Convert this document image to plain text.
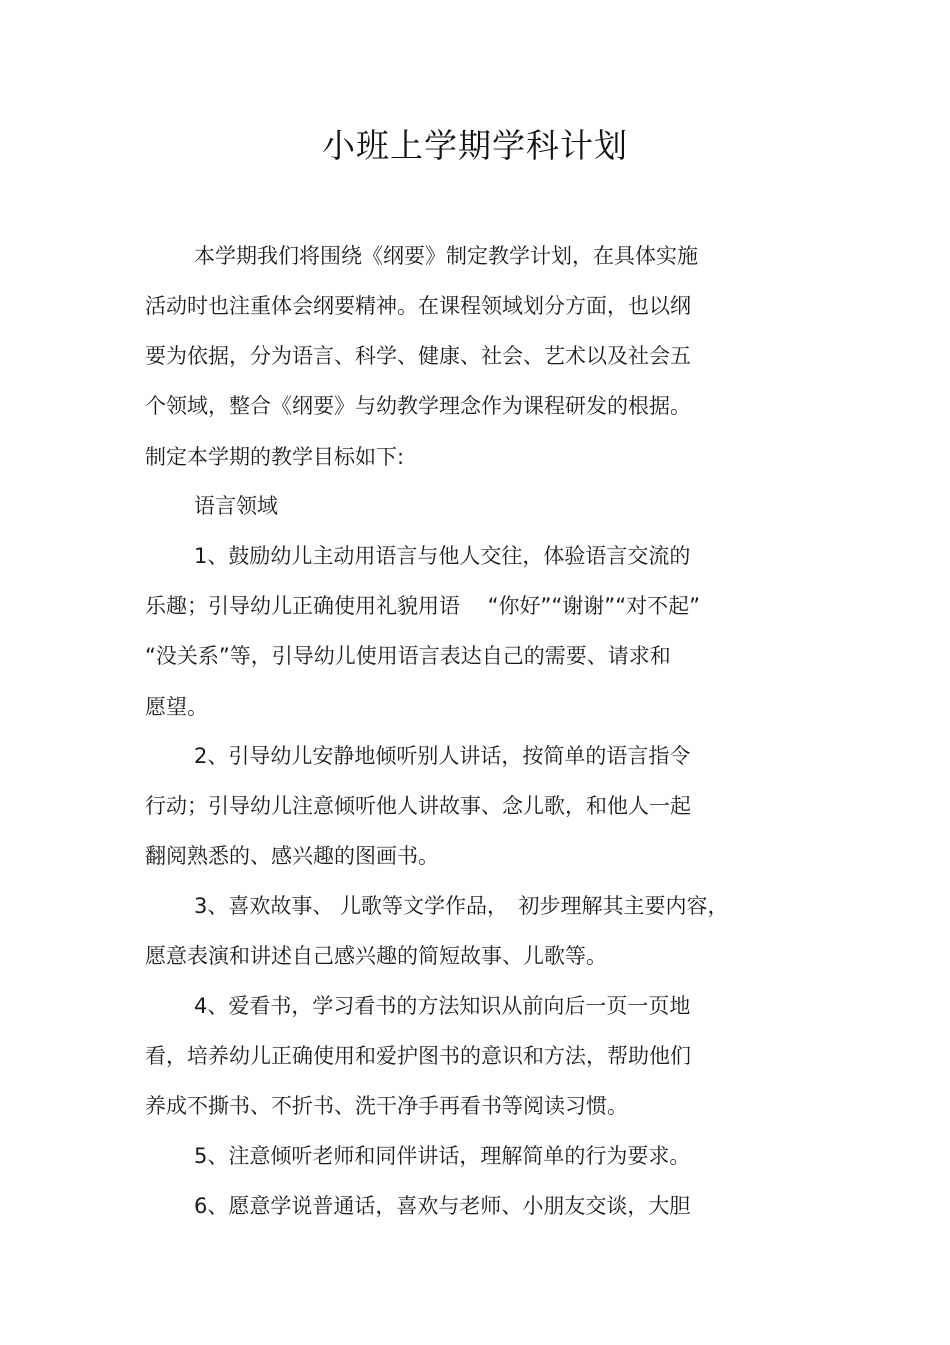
小班上学期学科计划
本学期我们将围绕《纲要》制定教学计划，在具体实施
活动时也注重体会纲要精神。在课程领域划分方面，也以纲
要为依据，分为语言、科学、健康、社会、艺术以及社会五
个领域，整合《纲要》与幼教学理念作为课程研发的根据。
制定本学期的教学目标如下:
语言领域
1、鼓励幼儿主动用语言与他人交往，体验语言交流的
乐趣；引导幼儿正确使用礼貌用语　 “你好”“谢谢”“对不起”
“没关系”等，引导幼儿使用语言表达自己的需要、请求和
愿望。
2、引导幼儿安静地倾听别人讲话，按简单的语言指令
行动；引导幼儿注意倾听他人讲故事、念儿歌，和他人一起
翻阅熟悉的、感兴趣的图画书。
3、喜欢故事、 儿歌等文学作品，　初步理解其主要内容，
愿意表演和讲述自己感兴趣的简短故事、儿歌等。
4、爱看书，学习看书的方法知识从前向后一页一页地
看，培养幼儿正确使用和爱护图书的意识和方法，帮助他们
养成不撕书、不折书、洗干净手再看书等阅读习惯。
5、注意倾听老师和同伴讲话，理解简单的行为要求。
6、愿意学说普通话，喜欢与老师、小朋友交谈，大胆
